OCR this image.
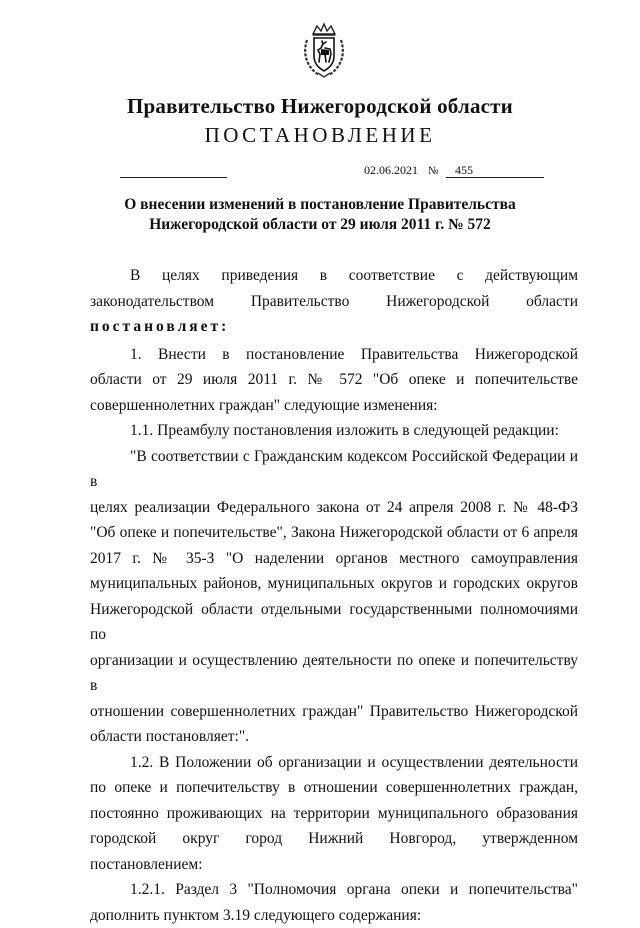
Правительство Нижегородской области
ПОСТАНОВЛЕНИЕ
02.06.2021 № 455
О внесении изменений в постановление Правительства
Нижегородской области от 29 июля 2011 г. № 572

В целях приведения в соответствие с действующим

законодательством Правительство Нижегородской области

постановляет:

1. Внести в постановление Правительства Нижегородской

области от 29 июля 2011 г. № 572 "Об опеке и попечительстве

совершеннолетних граждан" следующие изменения:

1.1. Преамбулу постановления изложить в следующей редакции:

"В соответствии с Гражданским кодексом Российской Федерации и в

целях реализации Федерального закона от 24 апреля 2008 г. № 48-ФЗ

"Об опеке и попечительстве", Закона Нижегородской области от 6 апреля

2017 г. № 35-З "О наделении органов местного самоуправления

муниципальных районов, муниципальных округов и городских округов

Нижегородской области отдельными государственными полномочиями по

организации и осуществлению деятельности по опеке и попечительству в

отношении совершеннолетних граждан" Правительство Нижегородской

области постановляет:".

1.2. В Положении об организации и осуществлении деятельности

по опеке и попечительству в отношении совершеннолетних граждан,

постоянно проживающих на территории муниципального образования

городской округ город Нижний Новгород, утвержденном постановлением:

1.2.1. Раздел 3 "Полномочия органа опеки и попечительства"

дополнить пунктом 3.19 следующего содержания:
